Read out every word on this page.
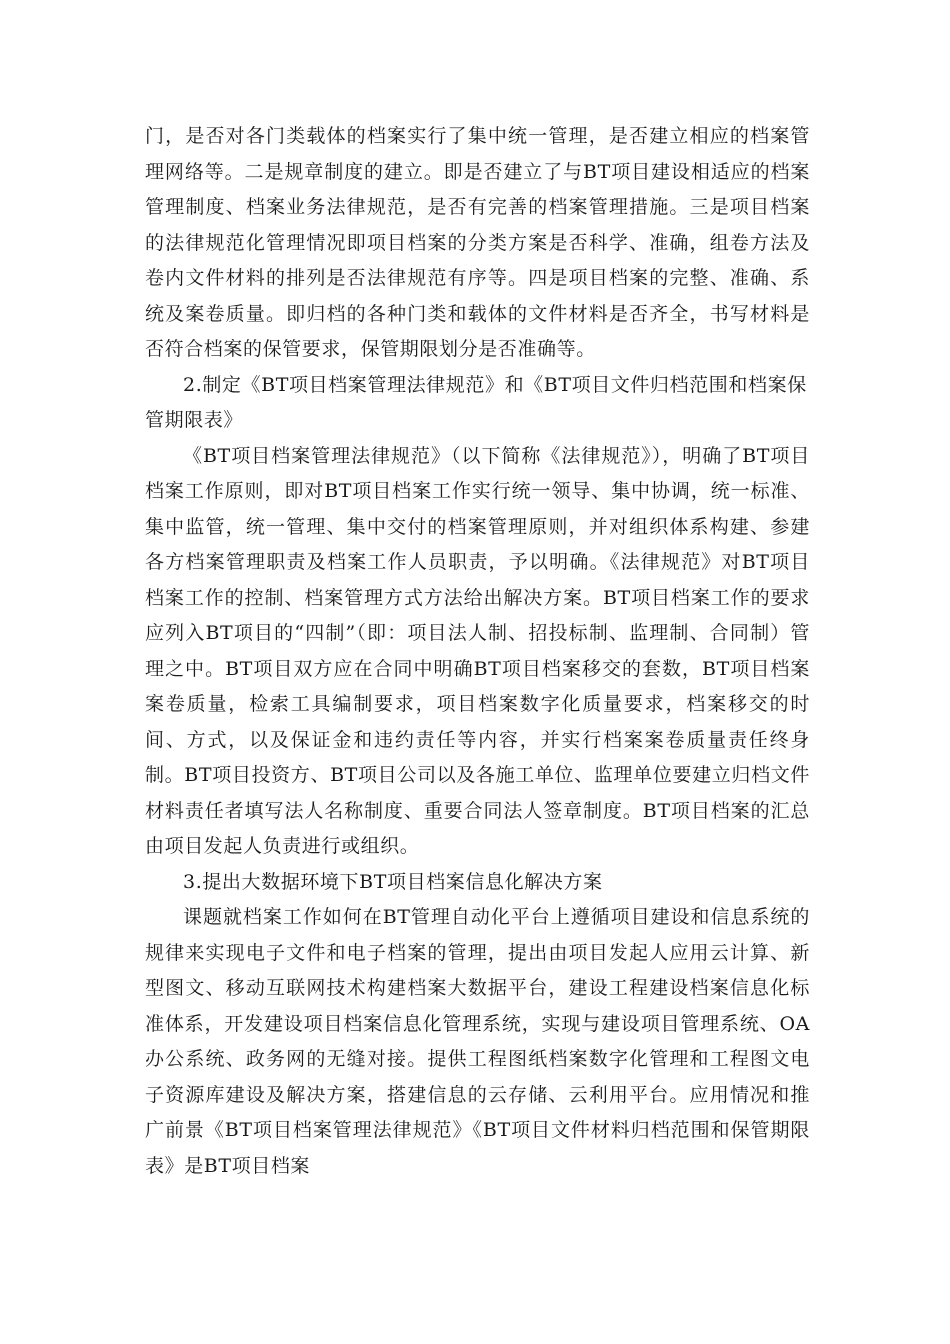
门，是否对各门类载体的档案实行了集中统一管理，是否建立相应的档案管理网络等。二是规章制度的建立。即是否建立了与BT项目建设相适应的档案管理制度、档案业务法律规范，是否有完善的档案管理措施。三是项目档案的法律规范化管理情况即项目档案的分类方案是否科学、准确，组卷方法及卷内文件材料的排列是否法律规范有序等。四是项目档案的完整、准确、系统及案卷质量。即归档的各种门类和载体的文件材料是否齐全，书写材料是否符合档案的保管要求，保管期限划分是否准确等。

2.制定《BT项目档案管理法律规范》和《BT项目文件归档范围和档案保管期限表》

《BT项目档案管理法律规范》（以下简称《法律规范》），明确了BT项目档案工作原则，即对BT项目档案工作实行统一领导、集中协调，统一标准、集中监管，统一管理、集中交付的档案管理原则，并对组织体系构建、参建各方档案管理职责及档案工作人员职责，予以明确。《法律规范》对BT项目档案工作的控制、档案管理方式方法给出解决方案。BT项目档案工作的要求应列入BT项目的“四制”（即：项目法人制、招投标制、监理制、合同制）管理之中。BT项目双方应在合同中明确BT项目档案移交的套数，BT项目档案案卷质量，检索工具编制要求，项目档案数字化质量要求，档案移交的时间、方式，以及保证金和违约责任等内容，并实行档案案卷质量责任终身制。BT项目投资方、BT项目公司以及各施工单位、监理单位要建立归档文件材料责任者填写法人名称制度、重要合同法人签章制度。BT项目档案的汇总由项目发起人负责进行或组织。

3.提出大数据环境下BT项目档案信息化解决方案

课题就档案工作如何在BT管理自动化平台上遵循项目建设和信息系统的规律来实现电子文件和电子档案的管理，提出由项目发起人应用云计算、新型图文、移动互联网技术构建档案大数据平台，建设工程建设档案信息化标准体系，开发建设项目档案信息化管理系统，实现与建设项目管理系统、OA办公系统、政务网的无缝对接。提供工程图纸档案数字化管理和工程图文电子资源库建设及解决方案，搭建信息的云存储、云利用平台。应用情况和推广前景《BT项目档案管理法律规范》《BT项目文件材料归档范围和保管期限表》是BT项目档案
